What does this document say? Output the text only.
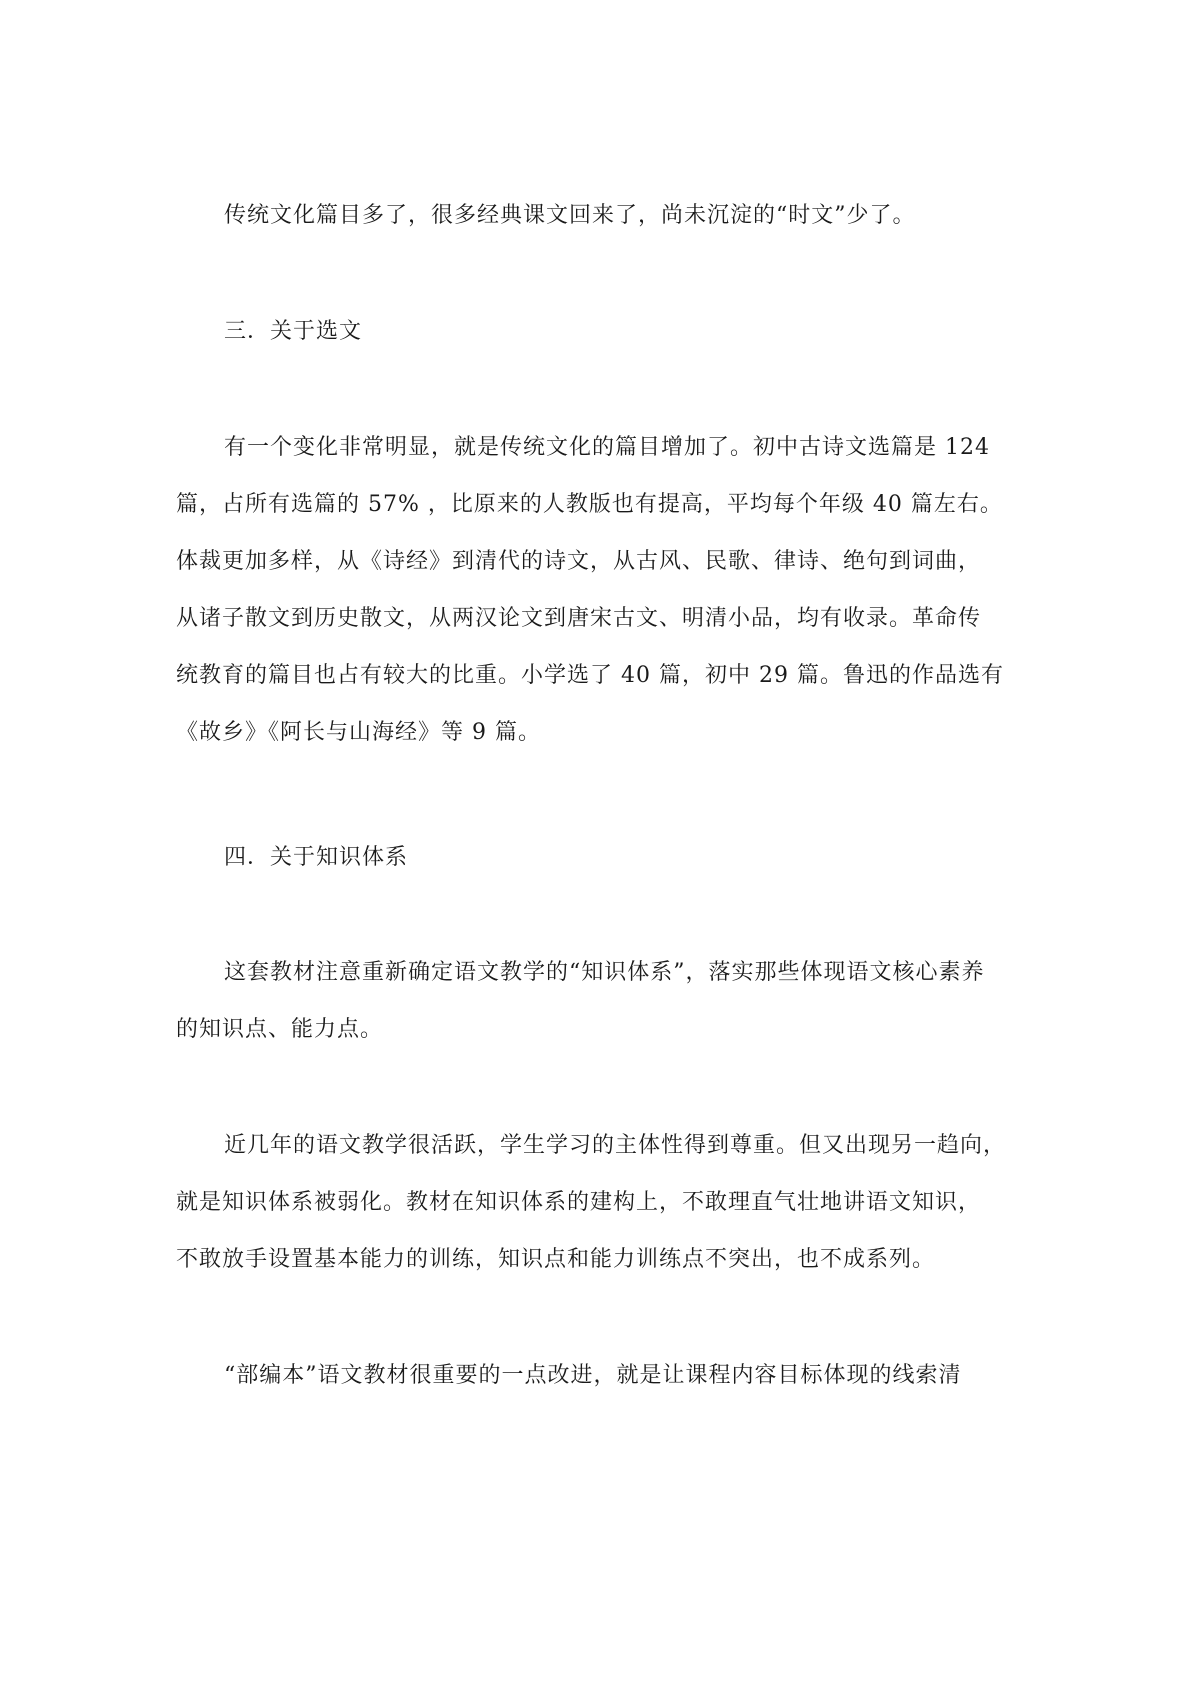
传统文化篇目多了，很多经典课文回来了，尚未沉淀的“时文”少了。
三．关于选文
有一个变化非常明显，就是传统文化的篇目增加了。初中古诗文选篇是 124
篇，占所有选篇的 57% ，比原来的人教版也有提高，平均每个年级 40 篇左右。
体裁更加多样，从《诗经》到清代的诗文，从古风、民歌、律诗、绝句到词曲，
从诸子散文到历史散文，从两汉论文到唐宋古文、明清小品，均有收录。革命传
统教育的篇目也占有较大的比重。小学选了 40 篇，初中 29 篇。鲁迅的作品选有
《故乡》《阿长与山海经》等 9 篇。
四．关于知识体系
这套教材注意重新确定语文教学的“知识体系”，落实那些体现语文核心素养
的知识点、能力点。
近几年的语文教学很活跃，学生学习的主体性得到尊重。但又出现另一趋向，
就是知识体系被弱化。教材在知识体系的建构上，不敢理直气壮地讲语文知识，
不敢放手设置基本能力的训练，知识点和能力训练点不突出，也不成系列。
“部编本”语文教材很重要的一点改进，就是让课程内容目标体现的线索清
